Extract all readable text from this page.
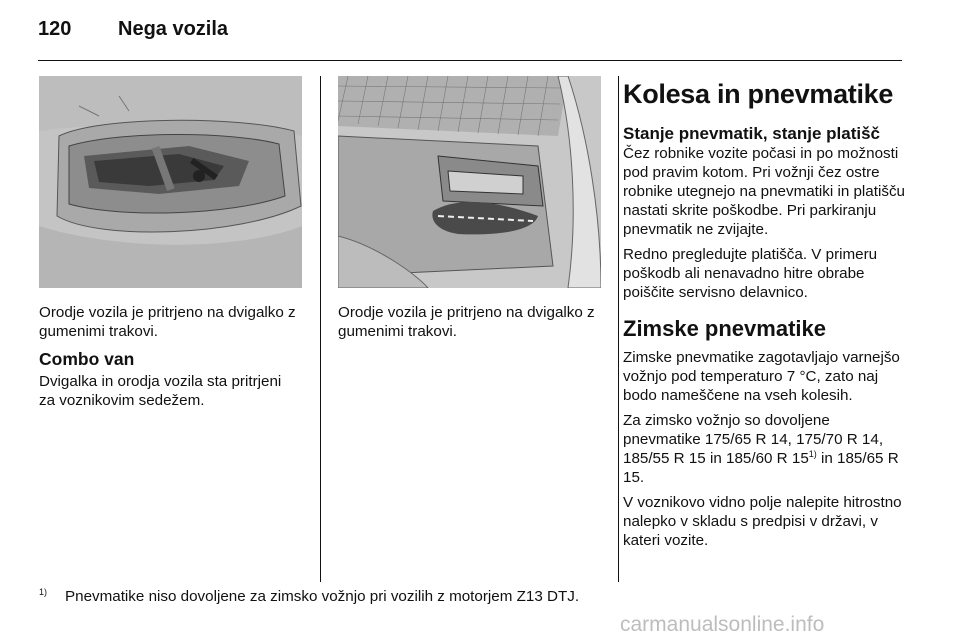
120 Nega vozila
Orodje vozila je pritrjeno na dvigalko z gumenimi trakovi.
Combo van
Dvigalka in orodja vozila sta pritrjeni za voznikovim sedežem.
Orodje vozila je pritrjeno na dvigalko z gumenimi trakovi.
Kolesa in pnevmatike
Stanje pnevmatik, stanje platišč

Čez robnike vozite počasi in po možnosti pod pravim kotom. Pri vožnji čez ostre robnike utegnejo na pnevmatiki in platišču nastati skrite poškodbe. Pri parkiranju pnevmatik ne zvijajte.

Redno pregledujte platišča. V primeru poškodb ali nenavadno hitre obrabe poiščite servisno delavnico.

Zimske pnevmatike

Zimske pnevmatike zagotavljajo varnejšo vožnjo pod temperaturo 7 °C, zato naj bodo nameščene na vseh kolesih.

Za zimsko vožnjo so dovoljene pnevmatike 175/65 R 14, 175/70 R 14, 185/55 R 15 in 185/60 R 15$^{1)}$ in 185/65 R 15.

V voznikovo vidno polje nalepite hitrostno nalepko v skladu s predpisi v državi, v kateri vozite.

$^{1)}$ Pnevmatike niso dovoljene za zimsko vožnjo pri vozilih z motorjem Z13 DTJ.
carmanualsonline.info
